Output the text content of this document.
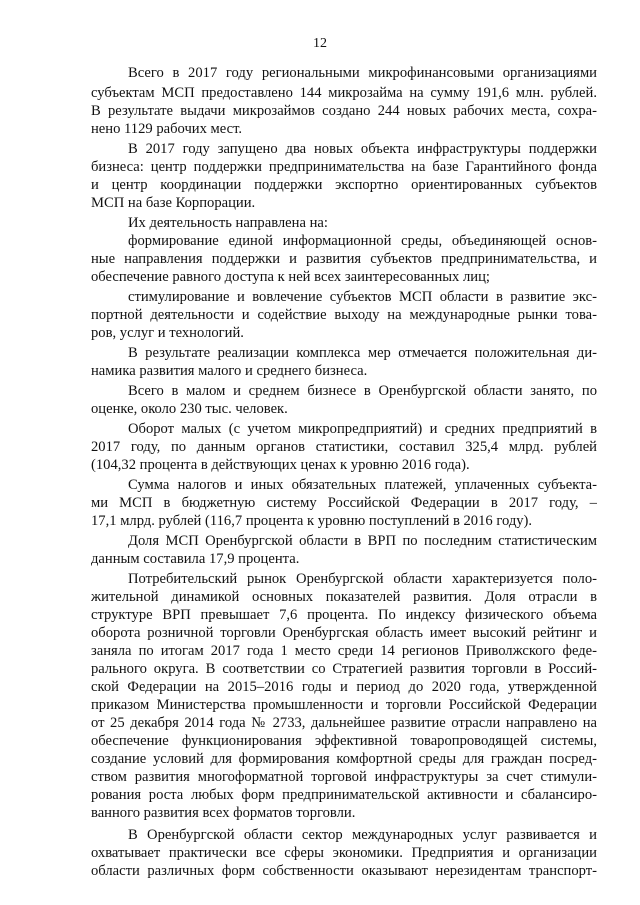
12
Всего в 2017 году региональными микрофинансовыми организациями
субъектам МСП предоставлено 144 микрозайма на сумму 191,6 млн. рублей.
В результате выдачи микрозаймов создано 244 новых рабочих места, сохра-
нено 1129 рабочих мест.
В 2017 году запущено два новых объекта инфраструктуры поддержки
бизнеса: центр поддержки предпринимательства на базе Гарантийного фонда
и центр координации поддержки экспортно ориентированных субъектов
МСП на базе Корпорации.
Их деятельность направлена на:
формирование единой информационной среды, объединяющей основ-
ные направления поддержки и развития субъектов предпринимательства, и
обеспечение равного доступа к ней всех заинтересованных лиц;
стимулирование и вовлечение субъектов МСП области в развитие экс-
портной деятельности и содействие выходу на международные рынки това-
ров, услуг и технологий.
В результате реализации комплекса мер отмечается положительная ди-
намика развития малого и среднего бизнеса.
Всего в малом и среднем бизнесе в Оренбургской области занято, по
оценке, около 230 тыс. человек.
Оборот малых (с учетом микропредприятий) и средних предприятий в
2017 году, по данным органов статистики, составил 325,4 млрд. рублей
(104,32 процента в действующих ценах к уровню 2016 года).
Сумма налогов и иных обязательных платежей, уплаченных субъекта-
ми МСП в бюджетную систему Российской Федерации в 2017 году, –
17,1 млрд. рублей (116,7 процента к уровню поступлений в 2016 году).
Доля МСП Оренбургской области в ВРП по последним статистическим
данным составила 17,9 процента.
Потребительский рынок Оренбургской области характеризуется поло-
жительной динамикой основных показателей развития. Доля отрасли в
структуре ВРП превышает 7,6 процента. По индексу физического объема
оборота розничной торговли Оренбургская область имеет высокий рейтинг и
заняла по итогам 2017 года 1 место среди 14 регионов Приволжского феде-
рального округа. В соответствии со Стратегией развития торговли в Россий-
ской Федерации на 2015–2016 годы и период до 2020 года, утвержденной
приказом Министерства промышленности и торговли Российской Федерации
от 25 декабря 2014 года № 2733, дальнейшее развитие отрасли направлено на
обеспечение функционирования эффективной товаропроводящей системы,
создание условий для формирования комфортной среды для граждан посред-
ством развития многоформатной торговой инфраструктуры за счет стимули-
рования роста любых форм предпринимательской активности и сбалансиро-
ванного развития всех форматов торговли.
В Оренбургской области сектор международных услуг развивается и
охватывает практически все сферы экономики. Предприятия и организации
области различных форм собственности оказывают нерезидентам транспорт-
